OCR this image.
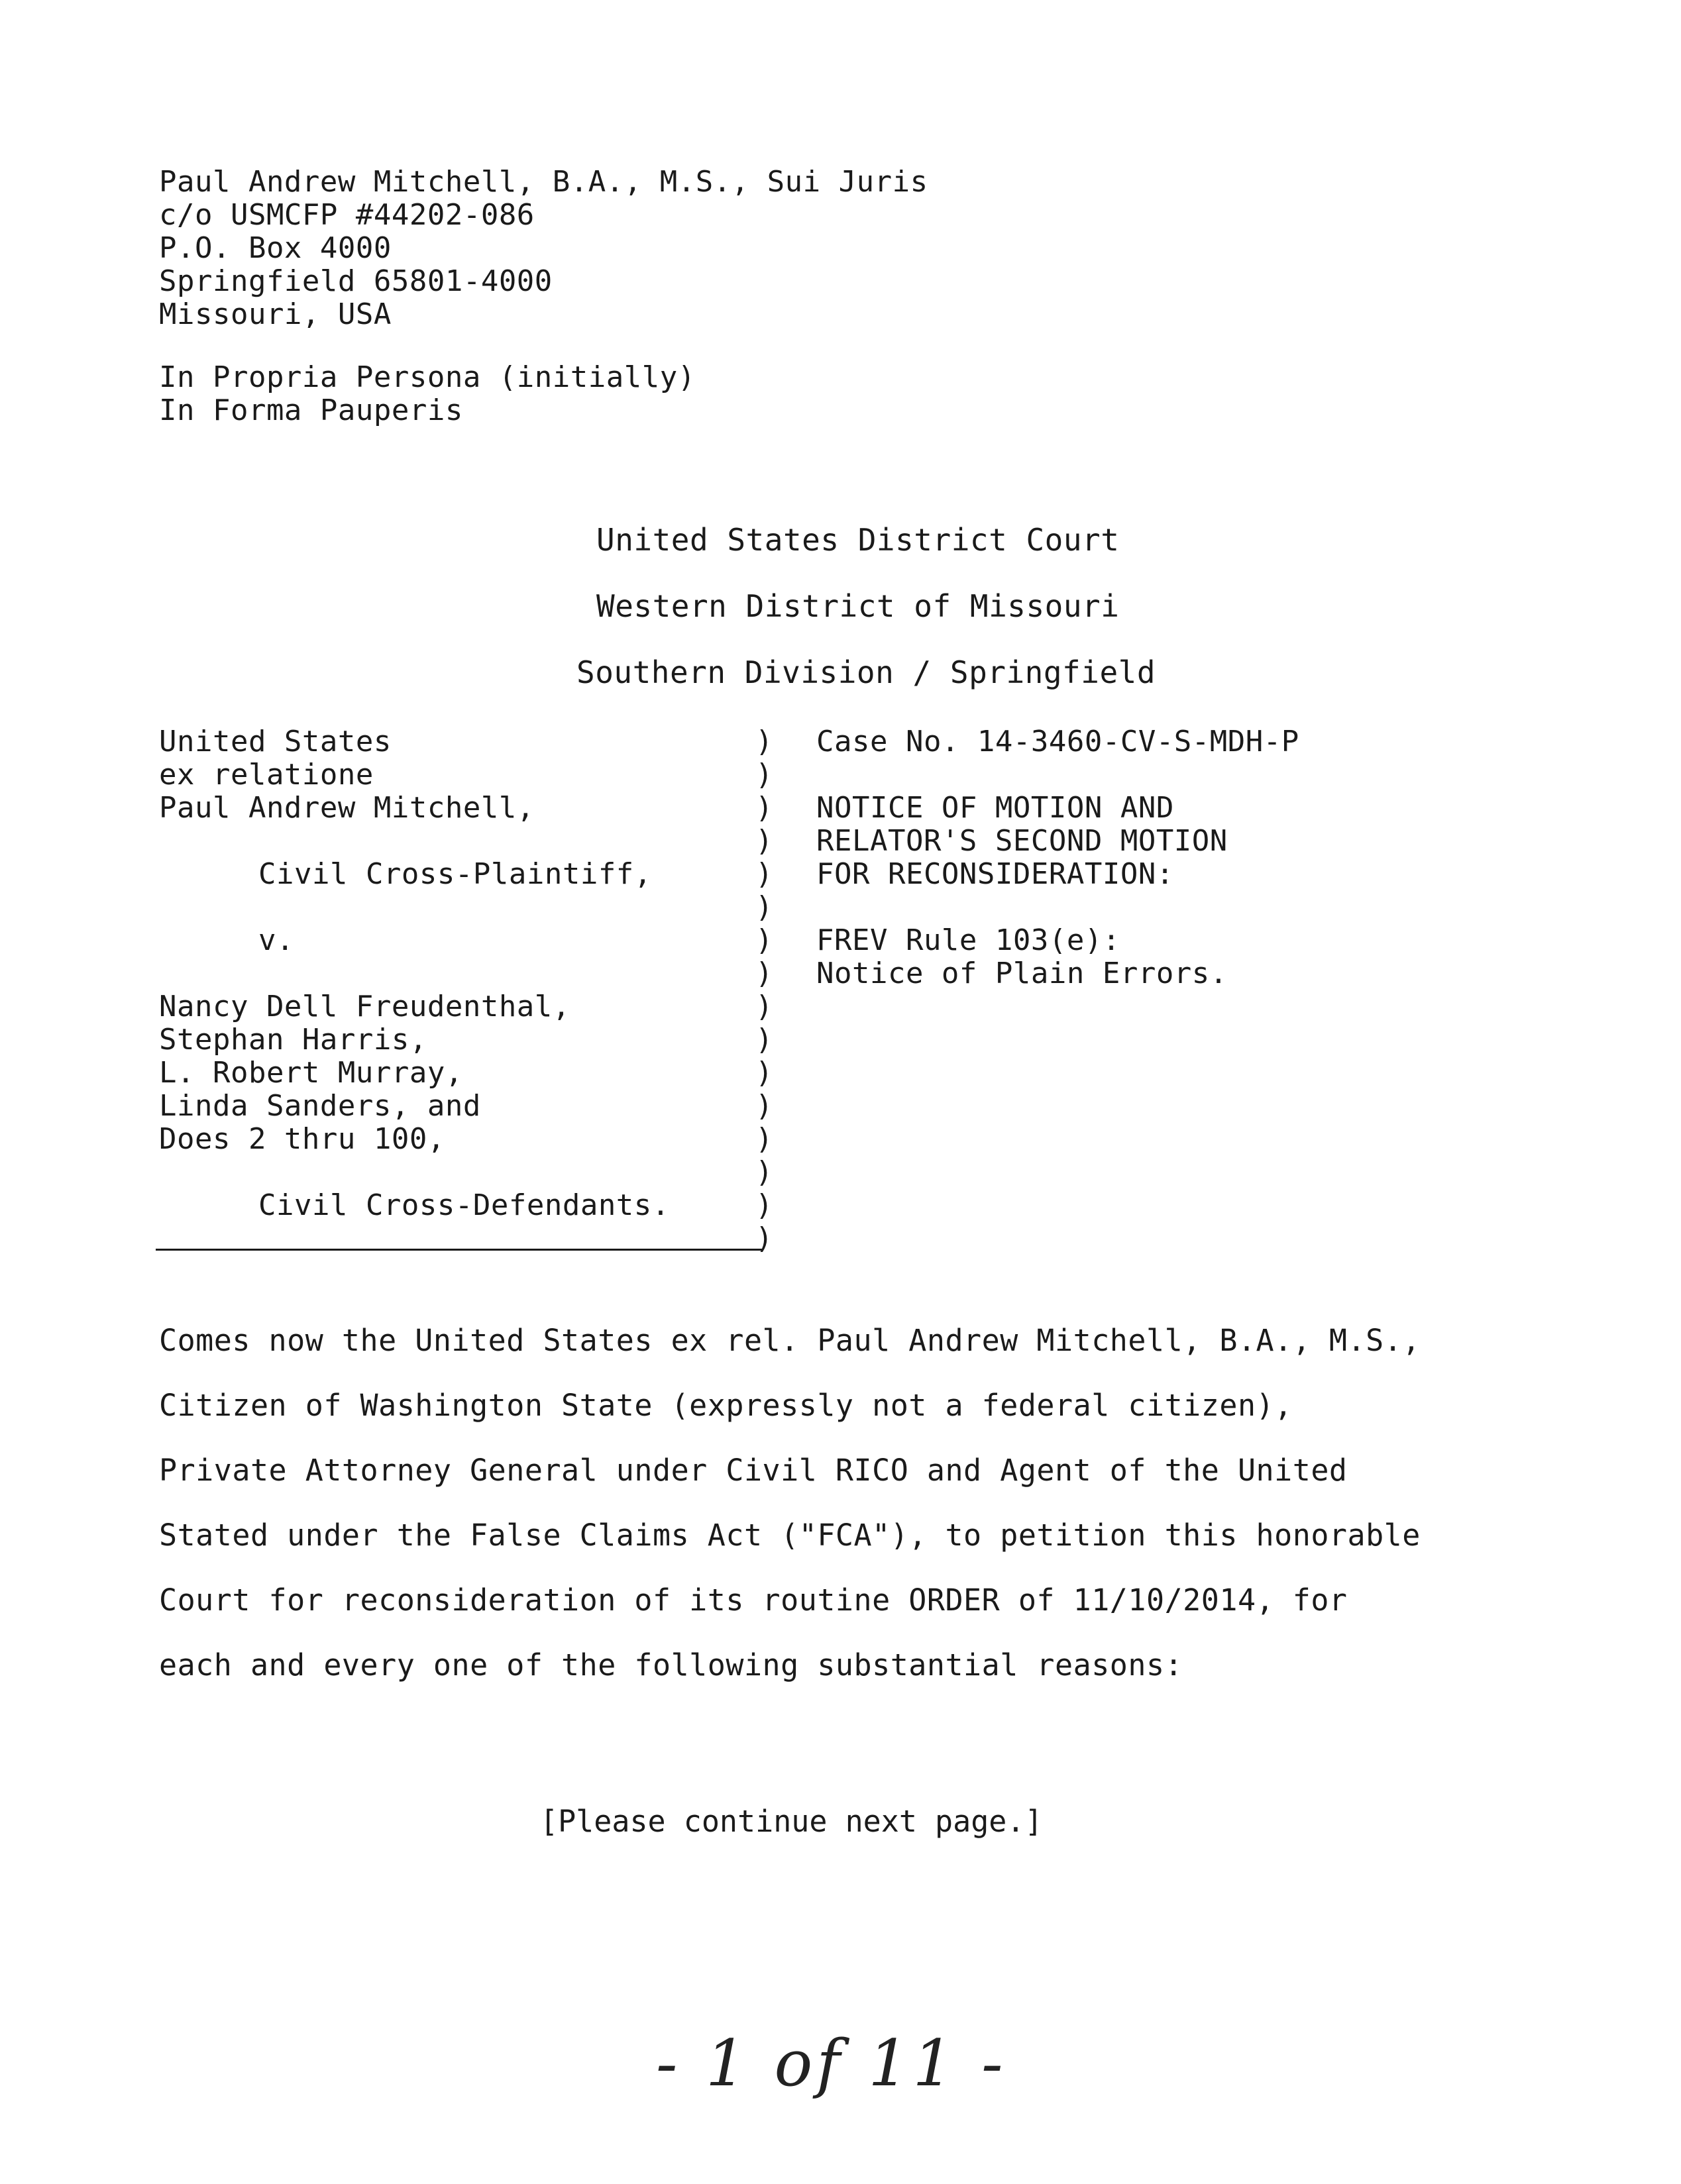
Paul Andrew Mitchell, B.A., M.S., Sui Juris
c/o USMCFP #44202-086
P.O. Box 4000
Springfield 65801-4000
Missouri, USA
In Propria Persona (initially)
In Forma Pauperis
United States District Court
Western District of Missouri
Southern Division / Springfield
United States
ex relatione
Paul Andrew Mitchell,

Civil Cross-Plaintiff,

v.

Nancy Dell Freudenthal,
Stephan Harris,
L. Robert Murray,
Linda Sanders, and
Does 2 thru 100,

Civil Cross-Defendants.
)
)
)
)
)
)
)
)
)
)
)
)
)
)
)
)
Case No. 14-3460-CV-S-MDH-P

NOTICE OF MOTION AND
RELATOR'S SECOND MOTION
FOR RECONSIDERATION:

FREV Rule 103(e):
Notice of Plain Errors.
Comes now the United States ex rel. Paul Andrew Mitchell, B.A., M.S.,
Citizen of Washington State (expressly not a federal citizen),
Private Attorney General under Civil RICO and Agent of the United
Stated under the False Claims Act ("FCA"), to petition this honorable
Court for reconsideration of its routine ORDER of 11/10/2014, for
each and every one of the following substantial reasons:
[Please continue next page.]
- 1 of 11 -
